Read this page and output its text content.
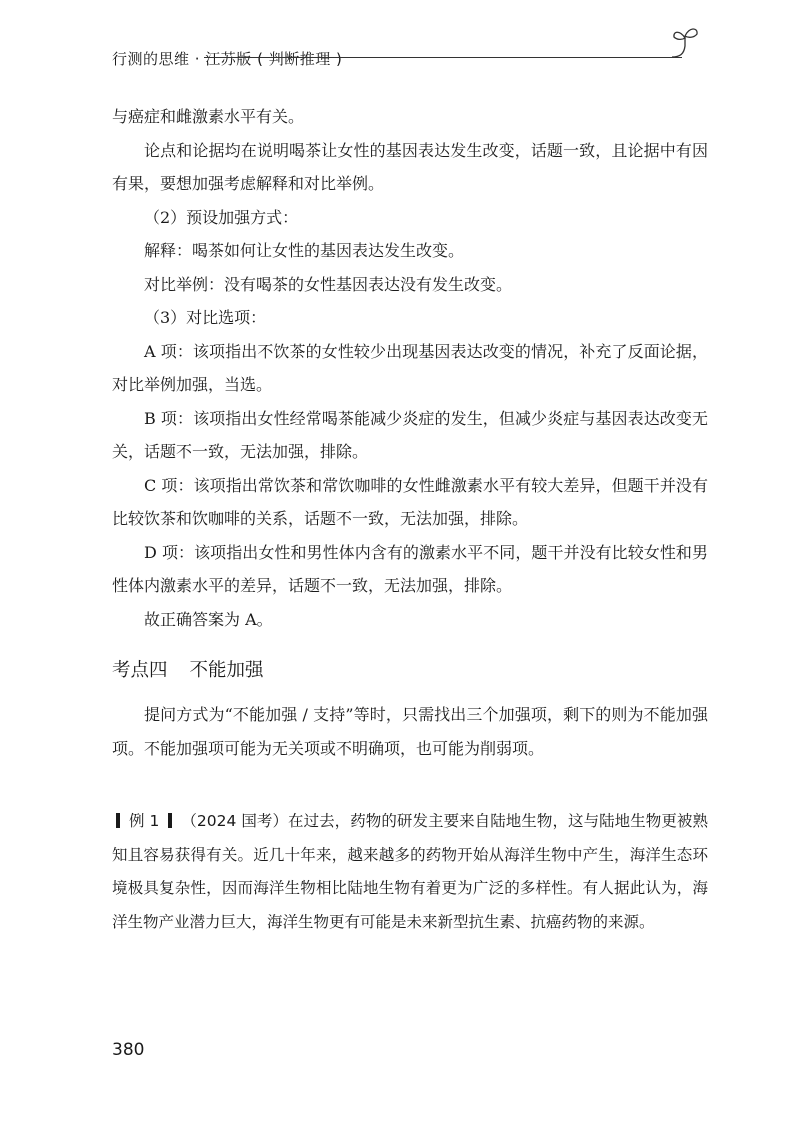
行测的思维 · 江苏版 ( 判断推理 )

与癌症和雌激素水平有关。

论点和论据均在说明喝茶让女性的基因表达发生改变，话题一致，且论据中有因有果，要想加强考虑解释和对比举例。

（2）预设加强方式：

解释：喝茶如何让女性的基因表达发生改变。

对比举例：没有喝茶的女性基因表达没有发生改变。

（3）对比选项：

A 项：该项指出不饮茶的女性较少出现基因表达改变的情况，补充了反面论据，对比举例加强，当选。

B 项：该项指出女性经常喝茶能减少炎症的发生，但减少炎症与基因表达改变无关，话题不一致，无法加强，排除。

C 项：该项指出常饮茶和常饮咖啡的女性雌激素水平有较大差异，但题干并没有比较饮茶和饮咖啡的关系，话题不一致，无法加强，排除。

D 项：该项指出女性和男性体内含有的激素水平不同，题干并没有比较女性和男性体内激素水平的差异，话题不一致，无法加强，排除。

故正确答案为 A。

考点四 不能加强

提问方式为“不能加强 / 支持”等时，只需找出三个加强项，剩下的则为不能加强项。不能加强项可能为无关项或不明确项，也可能为削弱项。

例 1 （2024 国考）在过去，药物的研发主要来自陆地生物，这与陆地生物更被熟知且容易获得有关。近几十年来，越来越多的药物开始从海洋生物中产生，海洋生态环境极具复杂性，因而海洋生物相比陆地生物有着更为广泛的多样性。有人据此认为，海洋生物产业潜力巨大，海洋生物更有可能是未来新型抗生素、抗癌药物的来源。

380
